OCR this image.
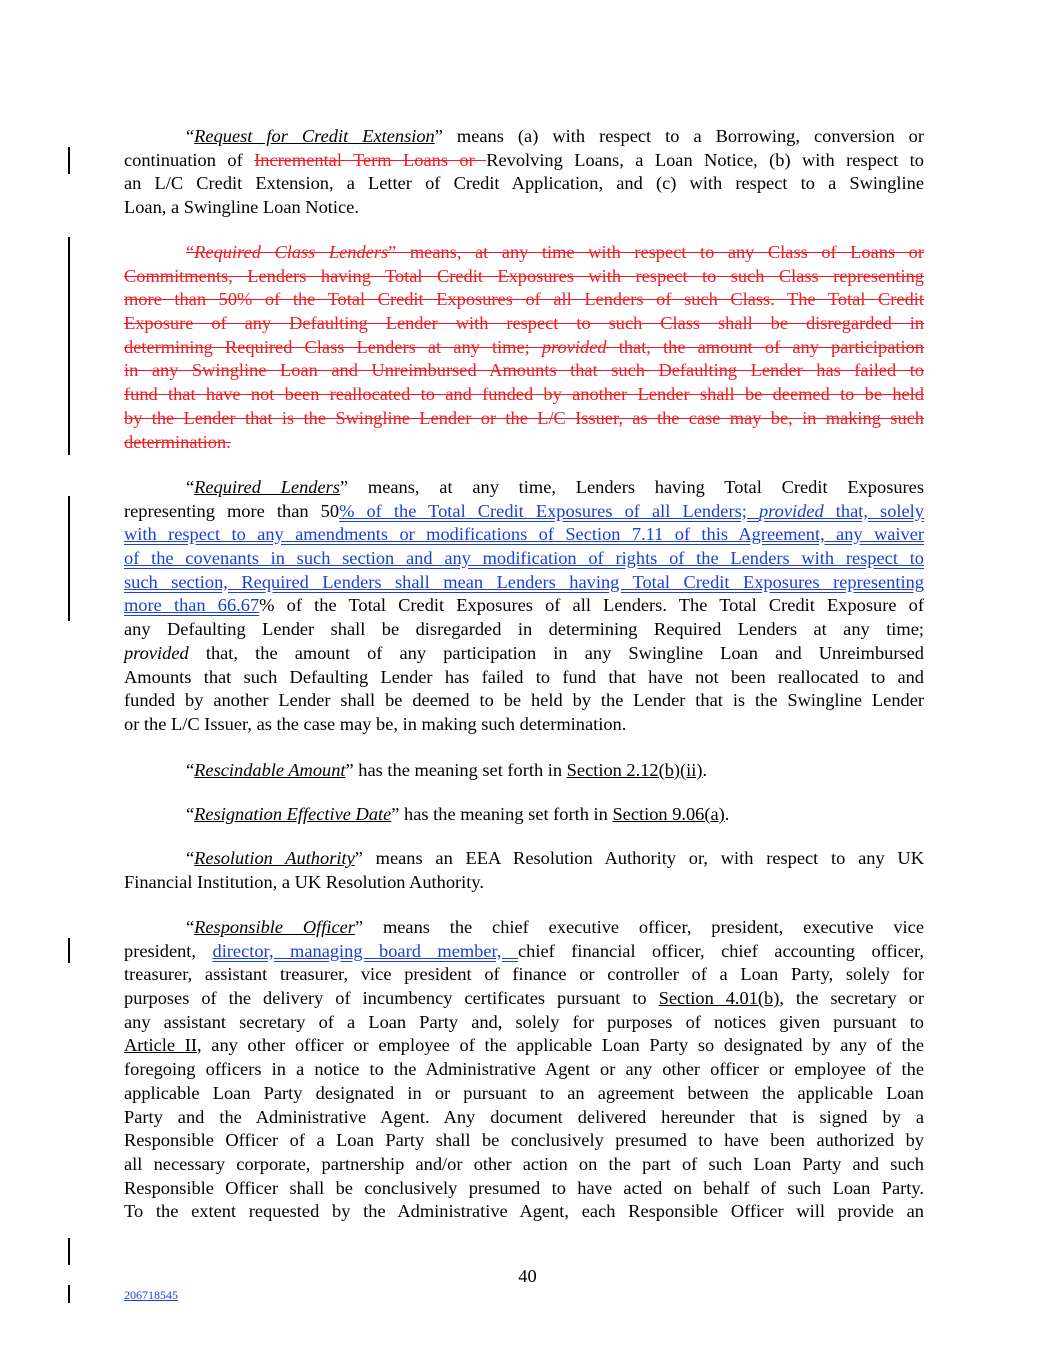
“Request for Credit Extension” means (a) with respect to a Borrowing, conversion or
continuation of Incremental Term Loans or Revolving Loans, a Loan Notice, (b) with respect to
an L/C Credit Extension, a Letter of Credit Application, and (c) with respect to a Swingline
Loan, a Swingline Loan Notice.
“Required Class Lenders” means, at any time with respect to any Class of Loans or
Commitments, Lenders having Total Credit Exposures with respect to such Class representing
more than 50% of the Total Credit Exposures of all Lenders of such Class. The Total Credit
Exposure of any Defaulting Lender with respect to such Class shall be disregarded in
determining Required Class Lenders at any time; provided that, the amount of any participation
in any Swingline Loan and Unreimbursed Amounts that such Defaulting Lender has failed to
fund that have not been reallocated to and funded by another Lender shall be deemed to be held
by the Lender that is the Swingline Lender or the L/C Issuer, as the case may be, in making such
determination.
“Required Lenders” means, at any time, Lenders having Total Credit Exposures
representing more than 50% of the Total Credit Exposures of all Lenders; provided that, solely
with respect to any amendments or modifications of Section 7.11 of this Agreement, any waiver
of the covenants in such section and any modification of rights of the Lenders with respect to
such section, Required Lenders shall mean Lenders having Total Credit Exposures representing
more than 66.67% of the Total Credit Exposures of all Lenders. The Total Credit Exposure of
any Defaulting Lender shall be disregarded in determining Required Lenders at any time;
provided that, the amount of any participation in any Swingline Loan and Unreimbursed
Amounts that such Defaulting Lender has failed to fund that have not been reallocated to and
funded by another Lender shall be deemed to be held by the Lender that is the Swingline Lender
or the L/C Issuer, as the case may be, in making such determination.
“Rescindable Amount” has the meaning set forth in Section 2.12(b)(ii).
“Resignation Effective Date” has the meaning set forth in Section 9.06(a).
“Resolution Authority” means an EEA Resolution Authority or, with respect to any UK
Financial Institution, a UK Resolution Authority.
“Responsible Officer” means the chief executive officer, president, executive vice
president, director, managing board member, chief financial officer, chief accounting officer,
treasurer, assistant treasurer, vice president of finance or controller of a Loan Party, solely for
purposes of the delivery of incumbency certificates pursuant to Section 4.01(b), the secretary or
any assistant secretary of a Loan Party and, solely for purposes of notices given pursuant to
Article II, any other officer or employee of the applicable Loan Party so designated by any of the
foregoing officers in a notice to the Administrative Agent or any other officer or employee of the
applicable Loan Party designated in or pursuant to an agreement between the applicable Loan
Party and the Administrative Agent. Any document delivered hereunder that is signed by a
Responsible Officer of a Loan Party shall be conclusively presumed to have been authorized by
all necessary corporate, partnership and/or other action on the part of such Loan Party and such
Responsible Officer shall be conclusively presumed to have acted on behalf of such Loan Party.
To the extent requested by the Administrative Agent, each Responsible Officer will provide an
40
206718545
